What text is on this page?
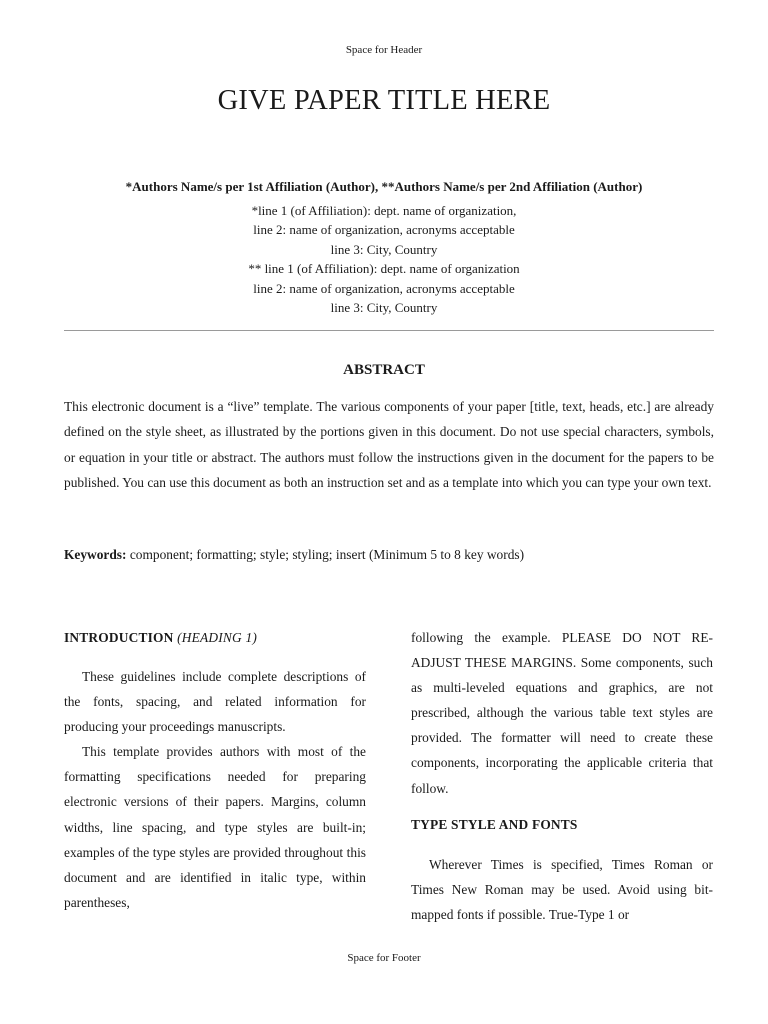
Space for Header
GIVE PAPER TITLE HERE
*Authors Name/s per 1st Affiliation (Author), **Authors Name/s per 2nd Affiliation (Author)
*line 1 (of Affiliation): dept. name of organization,
line 2: name of organization, acronyms acceptable
line 3: City, Country
** line 1 (of Affiliation): dept. name of organization
line 2: name of organization, acronyms acceptable
line 3: City, Country
ABSTRACT
This electronic document is a “live” template. The various components of your paper [title, text, heads, etc.] are already defined on the style sheet, as illustrated by the portions given in this document. Do not use special characters, symbols, or equation in your title or abstract. The authors must follow the instructions given in the document for the papers to be published. You can use this document as both an instruction set and as a template into which you can type your own text.
Keywords: component; formatting; style; styling; insert (Minimum 5 to 8 key words)
INTRODUCTION (HEADING 1)

These guidelines include complete descriptions of the fonts, spacing, and related information for producing your proceedings manuscripts.

This template provides authors with most of the formatting specifications needed for preparing electronic versions of their papers. Margins, column widths, line spacing, and type styles are built-in; examples of the type styles are provided throughout this document and are identified in italic type, within parentheses,

following the example. PLEASE DO NOT RE-ADJUST THESE MARGINS. Some components, such as multi-leveled equations and graphics, are not prescribed, although the various table text styles are provided. The formatter will need to create these components, incorporating the applicable criteria that follow.

TYPE STYLE AND FONTS

Wherever Times is specified, Times Roman or Times New Roman may be used. Avoid using bit-mapped fonts if possible. True-Type 1 or

Space for Footer
